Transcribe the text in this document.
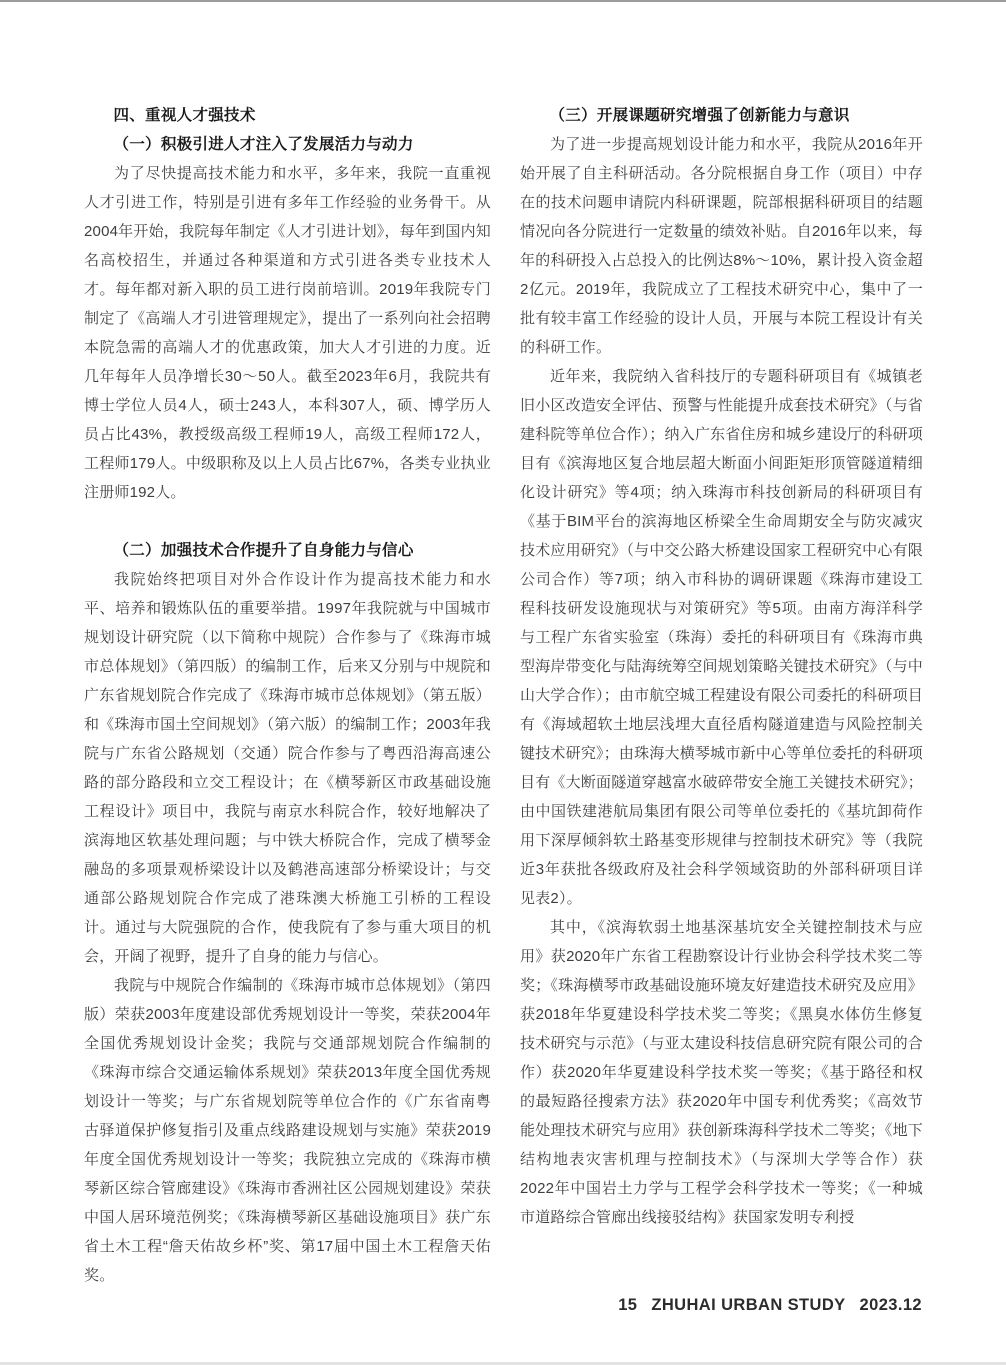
四、重视人才强技术
（一）积极引进人才注入了发展活力与动力

为了尽快提高技术能力和水平，多年来，我院一直重视人才引进工作，特别是引进有多年工作经验的业务骨干。从2004年开始，我院每年制定《人才引进计划》，每年到国内知名高校招生，并通过各种渠道和方式引进各类专业技术人才。每年都对新入职的员工进行岗前培训。2019年我院专门制定了《高端人才引进管理规定》，提出了一系列向社会招聘本院急需的高端人才的优惠政策，加大人才引进的力度。近几年每年人员净增长30～50人。截至2023年6月，我院共有博士学位人员4人，硕士243人，本科307人，硕、博学历人员占比43%，教授级高级工程师19人，高级工程师172人，工程师179人。中级职称及以上人员占比67%，各类专业执业注册师192人。

（二）加强技术合作提升了自身能力与信心

我院始终把项目对外合作设计作为提高技术能力和水平、培养和锻炼队伍的重要举措。1997年我院就与中国城市规划设计研究院（以下简称中规院）合作参与了《珠海市城市总体规划》（第四版）的编制工作，后来又分别与中规院和广东省规划院合作完成了《珠海市城市总体规划》（第五版）和《珠海市国土空间规划》（第六版）的编制工作；2003年我院与广东省公路规划（交通）院合作参与了粤西沿海高速公路的部分路段和立交工程设计；在《横琴新区市政基础设施工程设计》项目中，我院与南京水科院合作，较好地解决了滨海地区软基处理问题；与中铁大桥院合作，完成了横琴金融岛的多项景观桥梁设计以及鹤港高速部分桥梁设计；与交通部公路规划院合作完成了港珠澳大桥施工引桥的工程设计。通过与大院强院的合作，使我院有了参与重大项目的机会，开阔了视野，提升了自身的能力与信心。

我院与中规院合作编制的《珠海市城市总体规划》（第四版）荣获2003年度建设部优秀规划设计一等奖，荣获2004年全国优秀规划设计金奖；我院与交通部规划院合作编制的《珠海市综合交通运输体系规划》荣获2013年度全国优秀规划设计一等奖；与广东省规划院等单位合作的《广东省南粤古驿道保护修复指引及重点线路建设规划与实施》荣获2019年度全国优秀规划设计一等奖；我院独立完成的《珠海市横琴新区综合管廊建设》《珠海市香洲社区公园规划建设》荣获中国人居环境范例奖；《珠海横琴新区基础设施项目》获广东省土木工程“詹天佑故乡杯”奖、第17届中国土木工程詹天佑奖。

（三）开展课题研究增强了创新能力与意识

为了进一步提高规划设计能力和水平，我院从2016年开始开展了自主科研活动。各分院根据自身工作（项目）中存在的技术问题申请院内科研课题，院部根据科研项目的结题情况向各分院进行一定数量的绩效补贴。自2016年以来，每年的科研投入占总投入的比例达8%～10%，累计投入资金超2亿元。2019年，我院成立了工程技术研究中心，集中了一批有较丰富工作经验的设计人员，开展与本院工程设计有关的科研工作。

近年来，我院纳入省科技厅的专题科研项目有《城镇老旧小区改造安全评估、预警与性能提升成套技术研究》（与省建科院等单位合作）；纳入广东省住房和城乡建设厅的科研项目有《滨海地区复合地层超大断面小间距矩形顶管隧道精细化设计研究》等4项；纳入珠海市科技创新局的科研项目有《基于BIM平台的滨海地区桥梁全生命周期安全与防灾减灾技术应用研究》（与中交公路大桥建设国家工程研究中心有限公司合作）等7项；纳入市科协的调研课题《珠海市建设工程科技研发设施现状与对策研究》等5项。由南方海洋科学与工程广东省实验室（珠海）委托的科研项目有《珠海市典型海岸带变化与陆海统筹空间规划策略关键技术研究》（与中山大学合作）；由市航空城工程建设有限公司委托的科研项目有《海域超软土地层浅埋大直径盾构隧道建造与风险控制关键技术研究》；由珠海大横琴城市新中心等单位委托的科研项目有《大断面隧道穿越富水破碎带安全施工关键技术研究》；由中国铁建港航局集团有限公司等单位委托的《基坑卸荷作用下深厚倾斜软土路基变形规律与控制技术研究》等（我院近3年获批各级政府及社会科学领域资助的外部科研项目详见表2）。

其中，《滨海软弱土地基深基坑安全关键控制技术与应用》获2020年广东省工程勘察设计行业协会科学技术奖二等奖；《珠海横琴市政基础设施环境友好建造技术研究及应用》获2018年华夏建设科学技术奖二等奖；《黑臭水体仿生修复技术研究与示范》（与亚太建设科技信息研究院有限公司的合作）获2020年华夏建设科学技术奖一等奖；《基于路径和权的最短路径搜索方法》获2020年中国专利优秀奖；《高效节能处理技术研究与应用》获创新珠海科学技术二等奖；《地下结构地表灾害机理与控制技术》（与深圳大学等合作）获2022年中国岩土力学与工程学会科学技术一等奖；《一种城市道路综合管廊出线接驳结构》获国家发明专利授

15 ZHUHAI URBAN STUDY 2023.12
